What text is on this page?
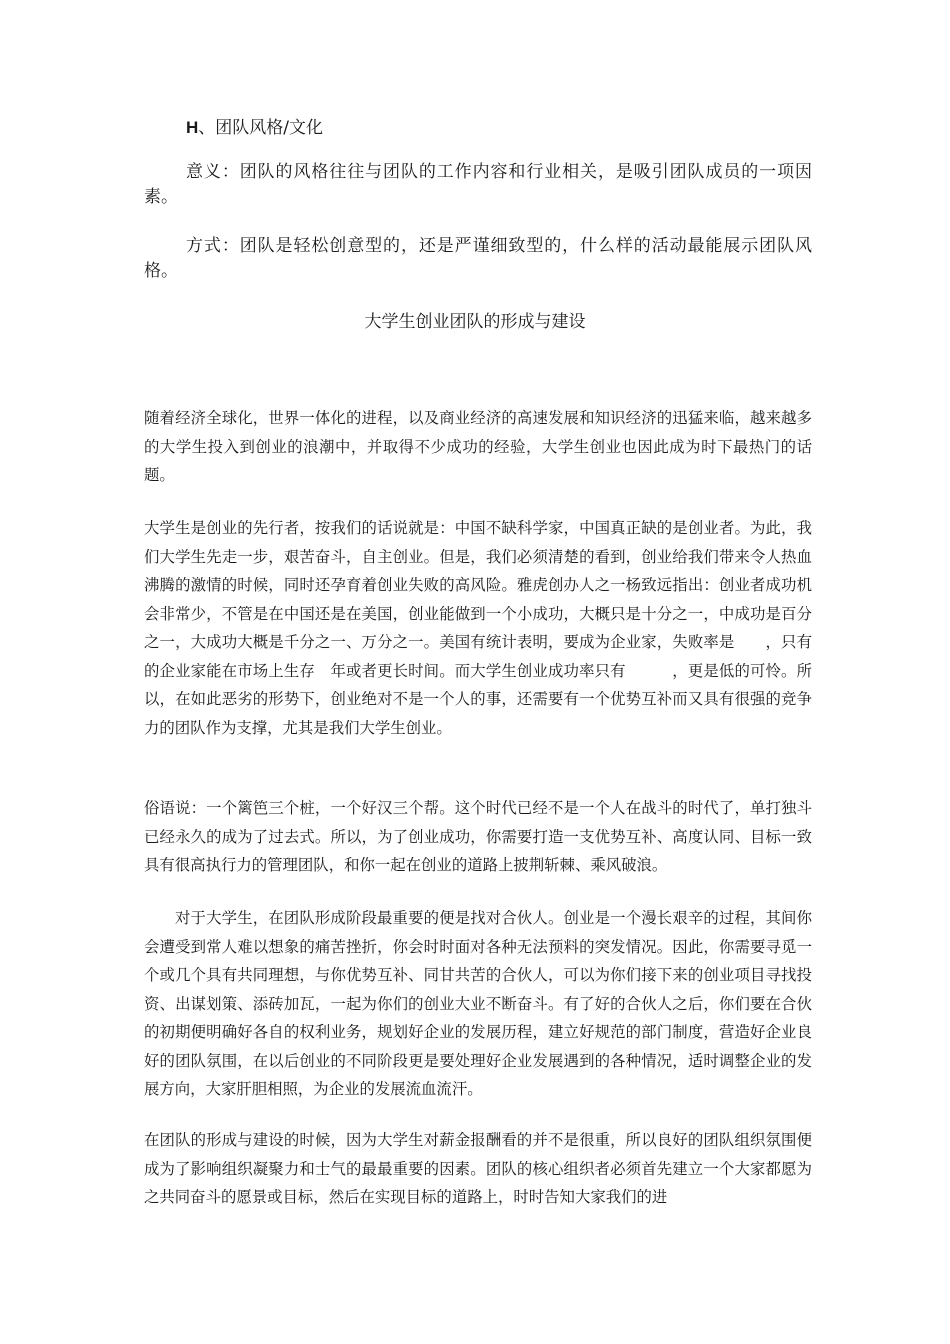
H、团队风格/文化

意义：团队的风格往往与团队的工作内容和行业相关，是吸引团队成员的一项因素。

方式：团队是轻松创意型的，还是严谨细致型的，什么样的活动最能展示团队风格。

大学生创业团队的形成与建设

随着经济全球化，世界一体化的进程，以及商业经济的高速发展和知识经济的迅猛来临，越来越多的大学生投入到创业的浪潮中，并取得不少成功的经验，大学生创业也因此成为时下最热门的话题。

大学生是创业的先行者，按我们的话说就是：中国不缺科学家，中国真正缺的是创业者。为此，我们大学生先走一步，艰苦奋斗，自主创业。但是，我们必须清楚的看到，创业给我们带来令人热血沸腾的激情的时候，同时还孕育着创业失败的高风险。雅虎创办人之一杨致远指出：创业者成功机会非常少，不管是在中国还是在美国，创业能做到一个小成功，大概只是十分之一，中成功是百分之一，大成功大概是千分之一、万分之一。美国有统计表明，要成为企业家，失败率是　　，只有　 的企业家能在市场上生存　年或者更长时间。而大学生创业成功率只有　　　，更是低的可怜。所以，在如此恶劣的形势下，创业绝对不是一个人的事，还需要有一个优势互补而又具有很强的竞争力的团队作为支撑，尤其是我们大学生创业。

俗语说：一个篱笆三个桩，一个好汉三个帮。这个时代已经不是一个人在战斗的时代了，单打独斗已经永久的成为了过去式。所以，为了创业成功，你需要打造一支优势互补、高度认同、目标一致具有很高执行力的管理团队，和你一起在创业的道路上披荆斩棘、乘风破浪。

对于大学生，在团队形成阶段最重要的便是找对合伙人。创业是一个漫长艰辛的过程，其间你会遭受到常人难以想象的痛苦挫折，你会时时面对各种无法预料的突发情况。因此，你需要寻觅一个或几个具有共同理想，与你优势互补、同甘共苦的合伙人，可以为你们接下来的创业项目寻找投资、出谋划策、添砖加瓦，一起为你们的创业大业不断奋斗。有了好的合伙人之后，你们要在合伙的初期便明确好各自的权利业务，规划好企业的发展历程，建立好规范的部门制度，营造好企业良好的团队氛围，在以后创业的不同阶段更是要处理好企业发展遇到的各种情况，适时调整企业的发展方向，大家肝胆相照，为企业的发展流血流汗。

在团队的形成与建设的时候，因为大学生对薪金报酬看的并不是很重，所以良好的团队组织氛围便成为了影响组织凝聚力和士气的最最重要的因素。团队的核心组织者必须首先建立一个大家都愿为之共同奋斗的愿景或目标，然后在实现目标的道路上，时时告知大家我们的进
